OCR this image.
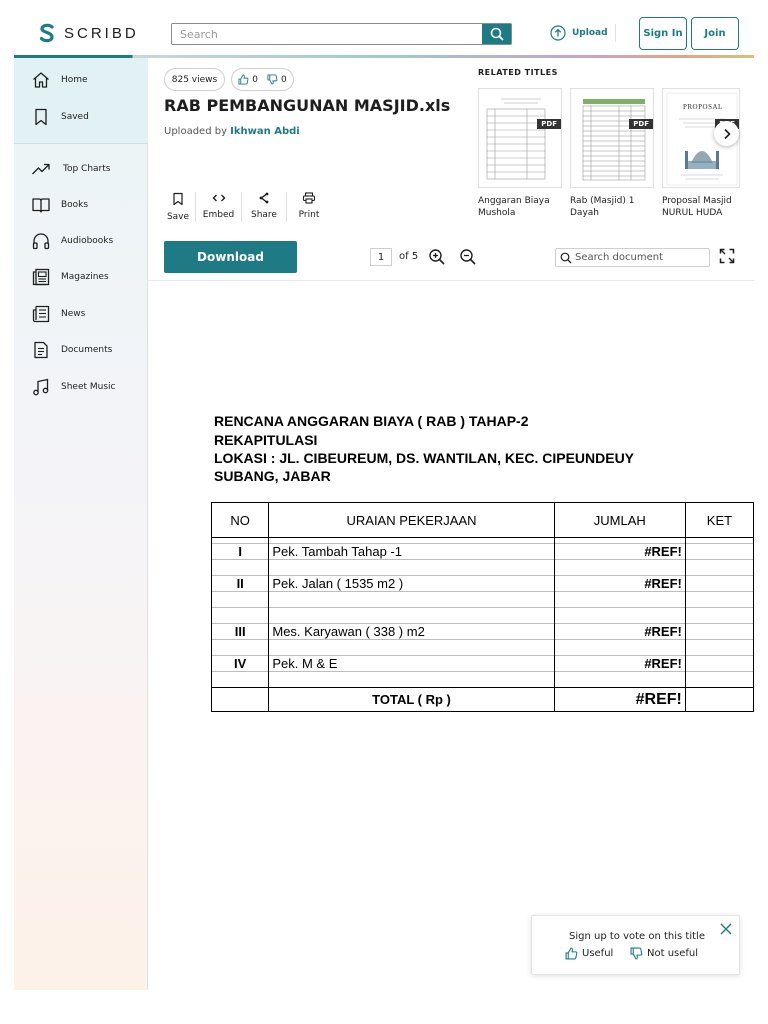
SCRIBD
Search	Upload	Sign In	Join
Home
Saved
Top Charts
Books
Audiobooks
Magazines
News
Documents
Sheet Music
825 views	0	0
RAB PEMBANGUNAN MASJID.xls
Uploaded by Ikhwan Abdi
Save Embed Share Print
RELATED TITLES
PDF
Anggaran Biaya
Mushola
PDF
Rab (Masjid) 1
Dayah
PROPOSAL
Proposal Masjid
NURUL HUDA
Download	1	of 5
Search document
RENCANA ANGGARAN BIAYA ( RAB ) TAHAP-2
REKAPITULASI
LOKASI : JL. CIBEUREUM, DS. WANTILAN, KEC. CIPEUNDEUY
SUBANG, JABAR
NO	URAIAN PEKERJAAN	JUMLAH	KET

I	Pek. Tambah Tahap -1	#REF!	

II	Pek. Jalan ( 1535 m2 )	#REF!	

III	Mes. Karyawan ( 338 ) m2	#REF!	

IV	Pek. M & E	#REF!	

	TOTAL ( Rp )	#REF!	
Sign up to vote on this title
Useful	Not useful
